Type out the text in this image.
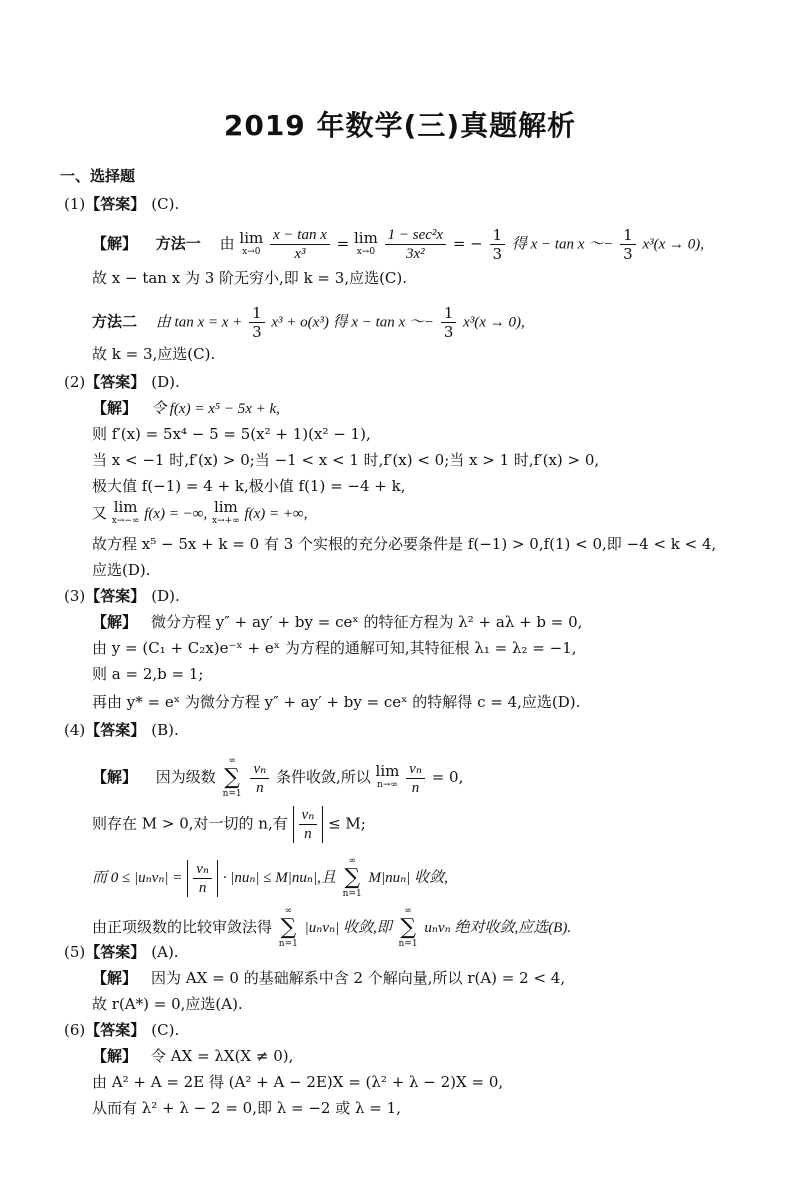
2019 年数学(三)真题解析
一、选择题
(1)【答案】 (C).
【解】 方法一 由 lim
x→0
$\frac{\text{x − tan x}}{\text{x³}} = \lim$
x→0
$\frac{\text{1 − sec²x}}{\text{3x²}}$ = − $\frac{1}{3}$ 得 x − tan x ～− $\frac{1}{3} x^3(x \to 0)$,
故 x − tan x 为 3 阶无穷小,即 k = 3,应选(C).
方法二 由 $\tan x = x + \frac{1}{3} x^3 + o(x^3)$ 得 x − tan x ～− $\frac{1}{3} x^3(x \to 0)$,
故 k = 3,应选(C).
(2)【答案】 (D).
【解】 令 f(x) = x⁵ − 5x + k,
则 f′(x) = 5x⁴ − 5 = 5(x² + 1)(x² − 1),
当 x < −1 时,f′(x) > 0;当 −1 < x < 1 时,f′(x) < 0;当 x > 1 时,f′(x) > 0,
极大值 f(−1) = 4 + k,极小值 f(1) = −4 + k,
又 lim
x→−∞ f(x) = −∞, lim
x→+∞ f(x) = +∞,
故方程 x⁵ − 5x + k = 0 有 3 个实根的充分必要条件是 f(−1) > 0,f(1) < 0,即 −4 < k < 4,
应选(D).
(3)【答案】 (D).
【解】 微分方程 y″ + ay′ + by = ceˣ 的特征方程为 λ² + aλ + b = 0,
由 y = (C₁ + C₂x)e⁻ˣ + eˣ 为方程的通解可知,其特征根 λ₁ = λ₂ = −1,
则 a = 2,b = 1;
再由 y* = eˣ 为微分方程 y″ + ay′ + by = ceˣ 的特解得 c = 4,应选(D).
(4)【答案】 (B).
【解】 因为级数
∞
∑
n=1
$\frac{\text{vₙ}}{n}$ 条件收敛,所以 lim
n→∞
$\frac{\text{vₙ}}{n} = 0$,
则存在 M > 0,对一切的 n,有 $\frac{\text{vₙ}}{n} \le M$;
而 $0 \le |u_nv_n| = \frac{\text{vₙ}}{n} \cdot |nu_n| \le M|nu_n|$,且
∞
∑
n=1
M|nuₙ| 收敛,
由正项级数的比较审敛法得
∞
∑
n=1
|uₙvₙ| 收敛,即
∞
∑
n=1
uₙvₙ 绝对收敛,应选(B).
(5)【答案】 (A).
【解】 因为 AX = 0 的基础解系中含 2 个解向量,所以 r(A) = 2 < 4,
故 r(A*) = 0,应选(A).
(6)【答案】 (C).
【解】 令 AX = λX(X ≠ 0),
由 A² + A = 2E 得 (A² + A − 2E)X = (λ² + λ − 2)X = 0,
从而有 λ² + λ − 2 = 0,即 λ = −2 或 λ = 1,
